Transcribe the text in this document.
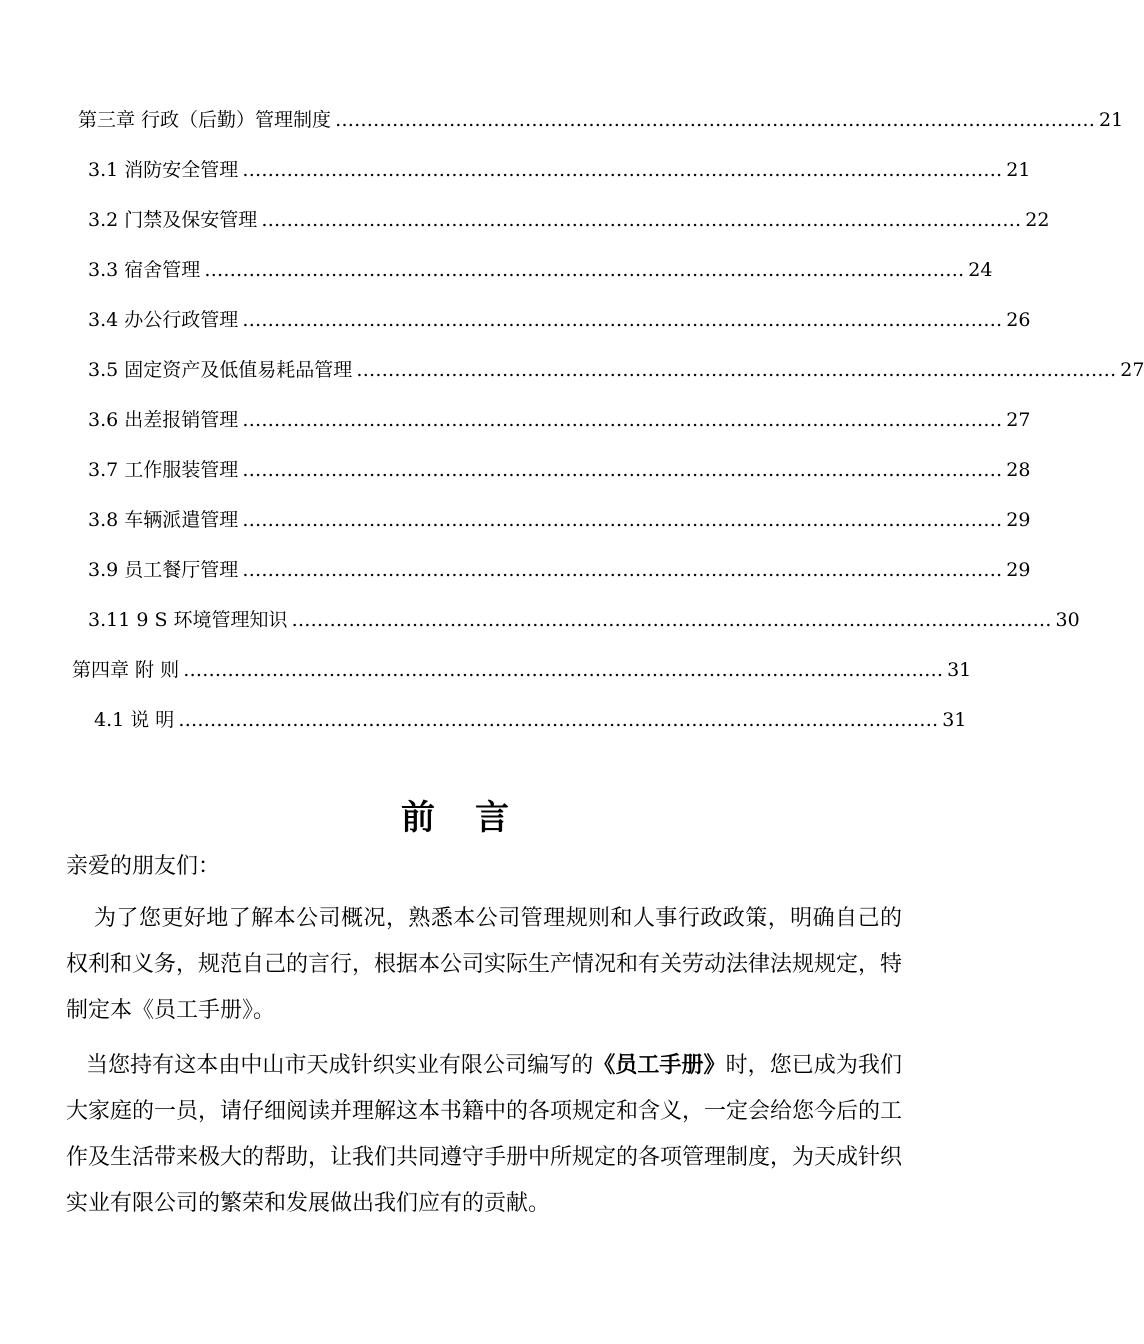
第三章 行政（后勤）管理制度 ………………………………………………………………………………………………………… 21
3.1 消防安全管理 ………………………………………………………………………………………………………… 21
3.2 门禁及保安管理 ………………………………………………………………………………………………………… 22
3.3 宿舍管理 ………………………………………………………………………………………………………… 24
3.4 办公行政管理 ………………………………………………………………………………………………………… 26
3.5 固定资产及低值易耗品管理 ………………………………………………………………………………………………………… 27
3.6 出差报销管理 ………………………………………………………………………………………………………… 27
3.7 工作服装管理 ………………………………………………………………………………………………………… 28
3.8 车辆派遣管理 ………………………………………………………………………………………………………… 29
3.9 员工餐厅管理 ………………………………………………………………………………………………………… 29
3.11 9 S 环境管理知识 ………………………………………………………………………………………………………… 30
第四章 附 则 ………………………………………………………………………………………………………… 31
4.1 说 明 ………………………………………………………………………………………………………… 31
前言
亲爱的朋友们：
为了您更好地了解本公司概况，熟悉本公司管理规则和人事行政政策，明确自己的权利和义务，规范自己的言行，根据本公司实际生产情况和有关劳动法律法规规定，特制定本《员工手册》。
当您持有这本由中山市天成针织实业有限公司编写的《员工手册》时，您已成为我们大家庭的一员，请仔细阅读并理解这本书籍中的各项规定和含义，一定会给您今后的工作及生活带来极大的帮助，让我们共同遵守手册中所规定的各项管理制度，为天成针织实业有限公司的繁荣和发展做出我们应有的贡献。
